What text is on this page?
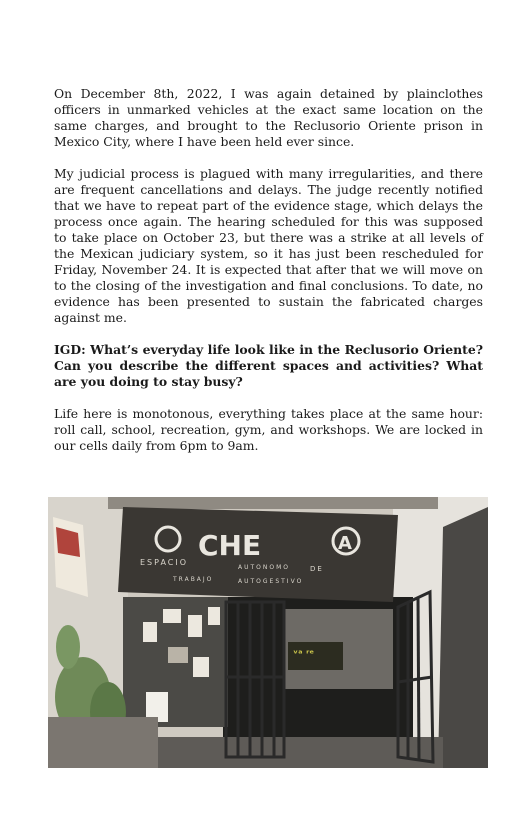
On December 8th, 2022, I was again detained by plainclothes officers in unmarked vehicles at the exact same location on the same charges, and brought to the Reclusorio Oriente prison in Mexico City, where I have been held ever since.

My judicial process is plagued with many irregularities, and there are frequent cancellations and delays. The judge recently notified that we have to repeat part of the evidence stage, which delays the process once again. The hearing scheduled for this was supposed to take place on October 23, but there was a strike at all levels of the Mexican judiciary system, so it has just been rescheduled for Friday, November 24. It is expected that after that we will move on to the closing of the investigation and final conclusions. To date, no evidence has been presented to sustain the fabricated charges against me.

IGD: What’s everyday life look like in the Reclusorio Oriente? Can you describe the different spaces and activities? What are you doing to stay busy?

Life here is monotonous, everything takes place at the same hour: roll call, school, recreation, gym, and workshops. We are locked in our cells daily from 6pm to 9am.

ᵛᵃ ʳᵉ
CHE	A
ESPACIO
AUTONOMO	DE
TRABAJO	AUTOGESTIVO
